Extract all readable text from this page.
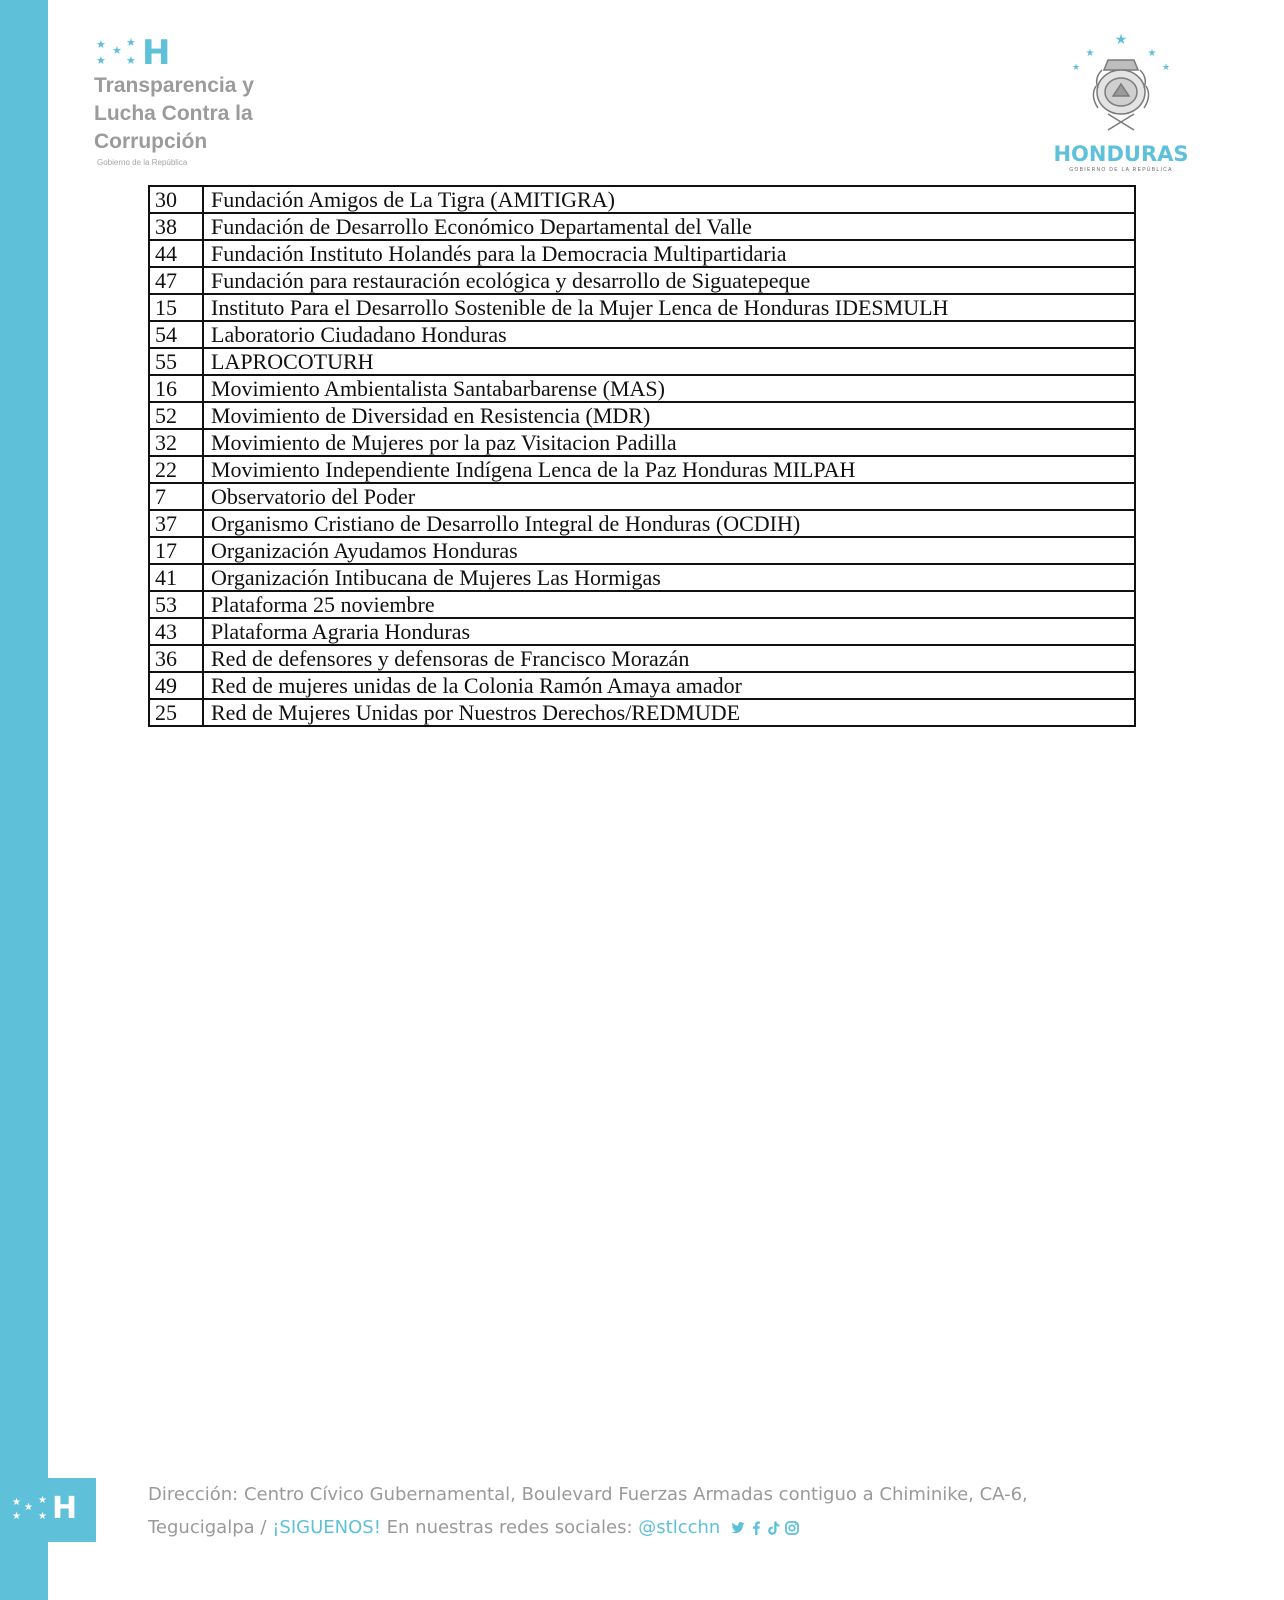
★ ★
★
★ ★ H
Transparencia y
Lucha Contra la
Corrupción
Gobierno de la República
★
★	★
★	★
HONDURAS
GOBIERNO DE LA REPÚBLICA
30	Fundación Amigos de La Tigra (AMITIGRA)
38	Fundación de Desarrollo Económico Departamental del Valle
44	Fundación Instituto Holandés para la Democracia Multipartidaria
47	Fundación para restauración ecológica y desarrollo de Siguatepeque
15	Instituto Para el Desarrollo Sostenible de la Mujer Lenca de Honduras IDESMULH
54	Laboratorio Ciudadano Honduras
55	LAPROCOTURH
16	Movimiento Ambientalista Santabarbarense (MAS)
52	Movimiento de Diversidad en Resistencia (MDR)
32	Movimiento de Mujeres por la paz Visitacion Padilla
22	Movimiento Independiente Indígena Lenca de la Paz Honduras MILPAH
7	Observatorio del Poder
37	Organismo Cristiano de Desarrollo Integral de Honduras (OCDIH)
17	Organización Ayudamos Honduras
41	Organización Intibucana de Mujeres Las Hormigas
53	Plataforma 25 noviembre
43	Plataforma Agraria Honduras
36	Red de defensores y defensoras de Francisco Morazán
49	Red de mujeres unidas de la Colonia Ramón Amaya amador
25	Red de Mujeres Unidas por Nuestros Derechos/REDMUDE
★ ★
★
★ ★ H	Dirección: Centro Cívico Gubernamental, Boulevard Fuerzas Armadas contiguo a Chiminike, CA-6,
Tegucigalpa / ¡SIGUENOS! En nuestras redes sociales: @stlcchn
